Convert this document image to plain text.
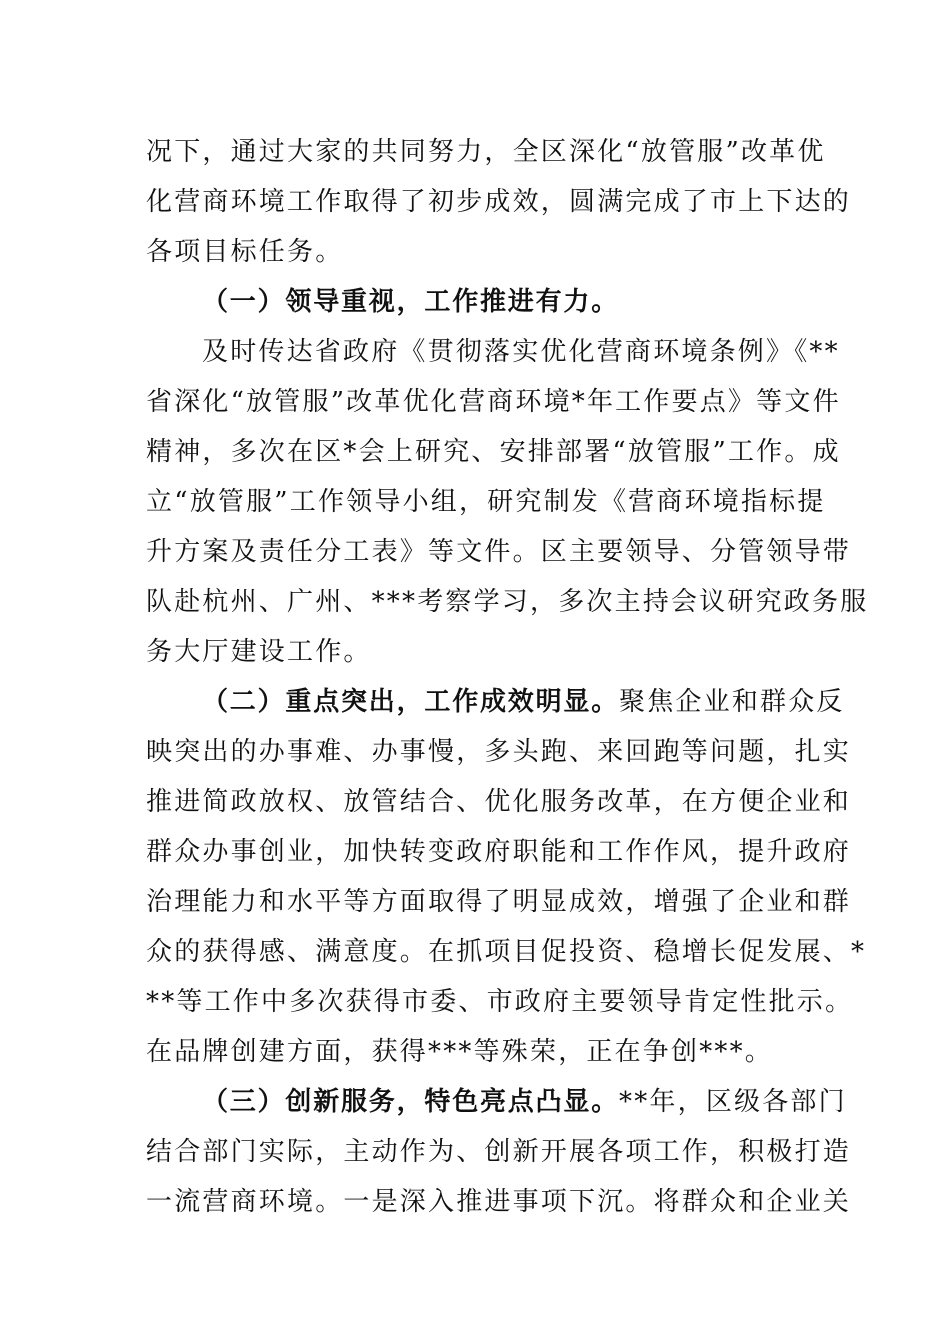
况下，通过大家的共同努力，全区深化“放管服”改革优
化营商环境工作取得了初步成效，圆满完成了市上下达的
各项目标任务。
（一）领导重视，工作推进有力。
及时传达省政府《贯彻落实优化营商环境条例》《**
省深化“放管服”改革优化营商环境*年工作要点》等文件
精神，多次在区*会上研究、安排部署“放管服”工作。成
立“放管服”工作领导小组，研究制发《营商环境指标提
升方案及责任分工表》等文件。区主要领导、分管领导带
队赴杭州、广州、***考察学习，多次主持会议研究政务服
务大厅建设工作。
（二）重点突出，工作成效明显。聚焦企业和群众反
映突出的办事难、办事慢，多头跑、来回跑等问题，扎实
推进简政放权、放管结合、优化服务改革，在方便企业和
群众办事创业，加快转变政府职能和工作作风，提升政府
治理能力和水平等方面取得了明显成效，增强了企业和群
众的获得感、满意度。在抓项目促投资、稳增长促发展、*
**等工作中多次获得市委、市政府主要领导肯定性批示。
在品牌创建方面，获得***等殊荣，正在争创***。
（三）创新服务，特色亮点凸显。**年，区级各部门
结合部门实际，主动作为、创新开展各项工作，积极打造
一流营商环境。一是深入推进事项下沉。将群众和企业关
